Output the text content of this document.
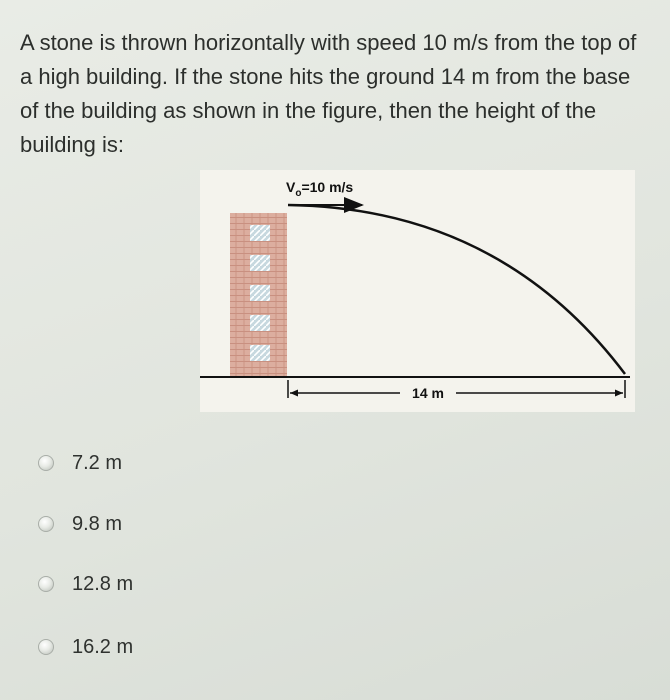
A stone is thrown horizontally with speed 10 m/s from the top of a high building. If the stone hits the ground 14 m from the base of the building as shown in the figure, then the height of the building is:

$V_o=10$ m/s
14 m
7.2 m
9.8 m
12.8 m
16.2 m
